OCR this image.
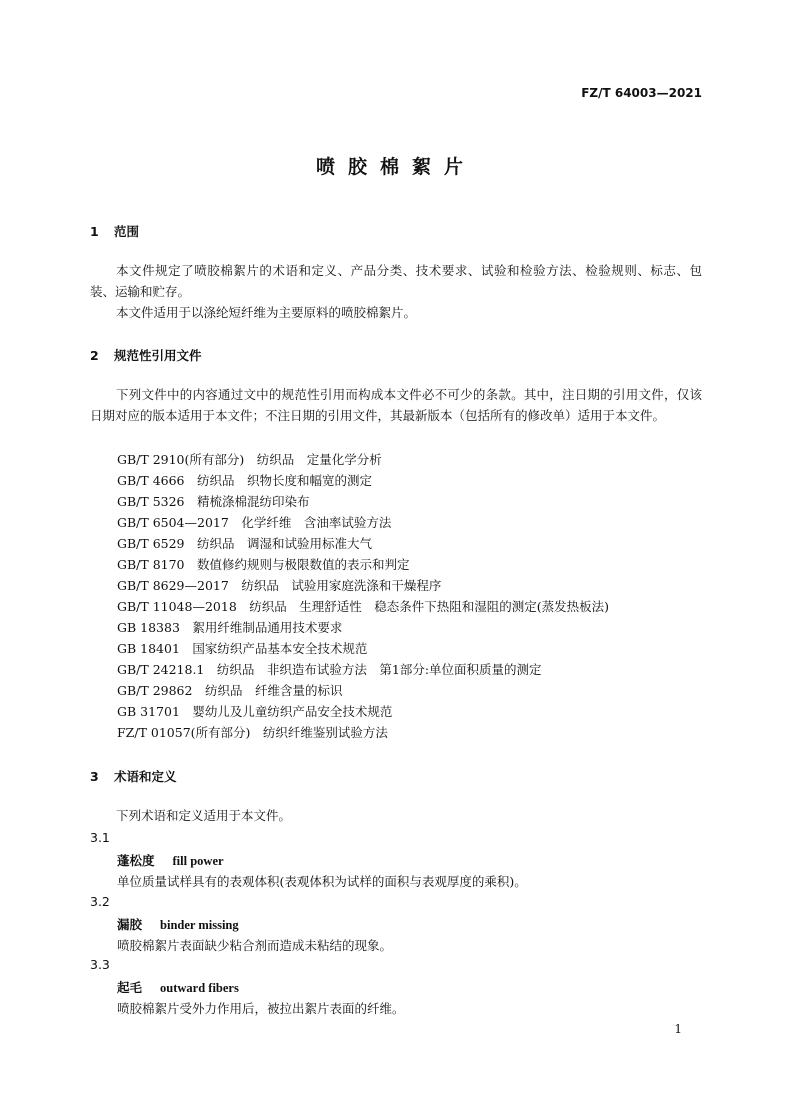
FZ/T 64003—2021
喷胶棉絮片
1 范围
本文件规定了喷胶棉絮片的术语和定义、产品分类、技术要求、试验和检验方法、检验规则、标志、包装、运输和贮存。
本文件适用于以涤纶短纤维为主要原料的喷胶棉絮片。
2 规范性引用文件
下列文件中的内容通过文中的规范性引用而构成本文件必不可少的条款。其中，注日期的引用文件，仅该日期对应的版本适用于本文件；不注日期的引用文件，其最新版本（包括所有的修改单）适用于本文件。
GB/T 2910(所有部分)　纺织品　定量化学分析
GB/T 4666　纺织品　织物长度和幅宽的测定
GB/T 5326　精梳涤棉混纺印染布
GB/T 6504—2017　化学纤维　含油率试验方法
GB/T 6529　纺织品　调湿和试验用标准大气
GB/T 8170　数值修约规则与极限数值的表示和判定
GB/T 8629—2017　纺织品　试验用家庭洗涤和干燥程序
GB/T 11048—2018　纺织品　生理舒适性　稳态条件下热阻和湿阻的测定(蒸发热板法)
GB 18383　絮用纤维制品通用技术要求
GB 18401　国家纺织产品基本安全技术规范
GB/T 24218.1　纺织品　非织造布试验方法　第1部分:单位面积质量的测定
GB/T 29862　纺织品　纤维含量的标识
GB 31701　婴幼儿及儿童纺织产品安全技术规范
FZ/T 01057(所有部分)　纺织纤维鉴别试验方法
3 术语和定义
下列术语和定义适用于本文件。
3.1
蓬松度 fill power
单位质量试样具有的表观体积(表观体积为试样的面积与表观厚度的乘积)。
3.2
漏胶 binder missing
喷胶棉絮片表面缺少粘合剂而造成未粘结的现象。
3.3
起毛 outward fibers
喷胶棉絮片受外力作用后，被拉出絮片表面的纤维。
1
